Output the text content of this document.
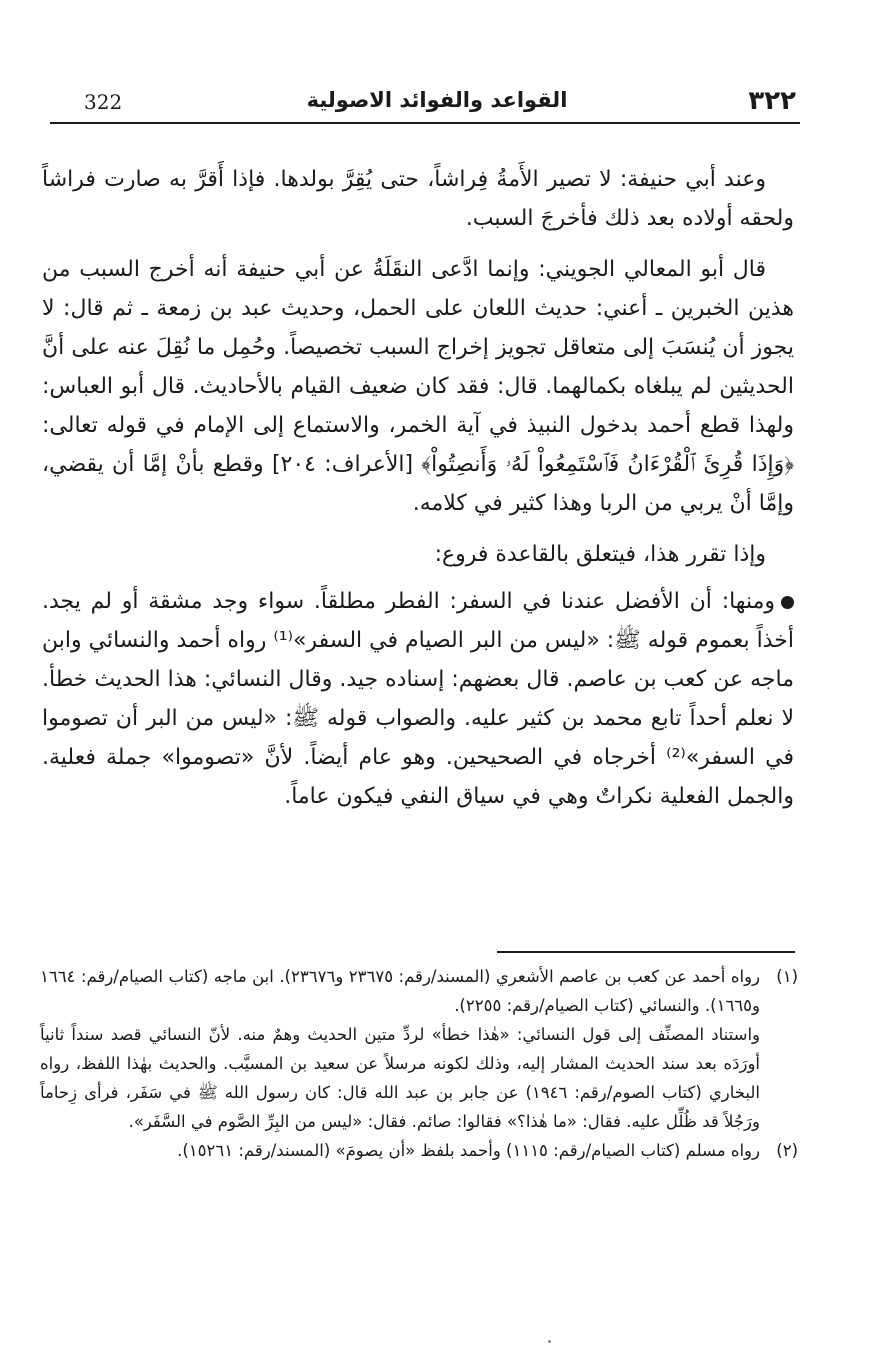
٣٢٢
القواعد والفوائد الاصولية
322

وعند أبي حنيفة: لا تصير الأَمةُ فِراشاً، حتى يُقِرَّ بولدها. فإذا أَقرَّ به صارت فراشاً ولحقه أولاده بعد ذلك فأخرجَ السبب.

قال أبو المعالي الجويني: وإنما ادَّعى النقَلَةُ عن أبي حنيفة أنه أخرج السبب من هذين الخبرين ـ أعني: حديث اللعان على الحمل، وحديث عبد بن زمعة ـ ثم قال: لا يجوز أن يُنسَبَ إلى متعاقل تجويز إخراج السبب تخصيصاً. وحُمِل ما نُقِلَ عنه على أنَّ الحديثين لم يبلغاه بكمالهما. قال: فقد كان ضعيف القيام بالأحاديث. قال أبو العباس: ولهذا قطع أحمد بدخول النبيذ في آية الخمر، والاستماع إلى الإمام في قوله تعالى: ﴿وَإِذَا قُرِئَ ٱلْقُرْءَانُ فَٱسْتَمِعُواْ لَهُۥ وَأَنصِتُواْ﴾ [الأعراف: ٢٠٤] وقطع بأنْ إمَّا أن يقضي، وإمَّا أنْ يربي من الربا وهذا كثير في كلامه.

وإذا تقرر هذا، فيتعلق بالقاعدة فروع:

ومنها: أن الأفضل عندنا في السفر: الفطر مطلقاً. سواء وجد مشقة أو لم يجد. أخذاً بعموم قوله ﷺ: «ليس من البر الصيام في السفر»⁽¹⁾ رواه أحمد والنسائي وابن ماجه عن كعب بن عاصم. قال بعضهم: إسناده جيد. وقال النسائي: هذا الحديث خطأ. لا نعلم أحداً تابع محمد بن كثير عليه. والصواب قوله ﷺ: «ليس من البر أن تصوموا في السفر»⁽²⁾ أخرجاه في الصحيحين. وهو عام أيضاً. لأنَّ «تصوموا» جملة فعلية. والجمل الفعلية نكراتٌ وهي في سياق النفي فيكون عاماً.

(١)
رواه أحمد عن كعب بن عاصم الأشعري (المسند/رقم: ٢٣٦٧٥ و٢٣٦٧٦). ابن ماجه (كتاب الصيام/رقم: ١٦٦٤ و١٦٦٥). والنسائي (كتاب الصيام/رقم: ٢٢٥٥).
واستناد المصنِّف إلى قول النسائي: «هٰذا خطأ» لردِّ متين الحديث وهمٌ منه. لأنّ النسائي قصد سنداً ثانياً أورَدَه بعد سند الحديث المشار إليه، وذلك لكونه مرسلاً عن سعيد بن المسيَّب. والحديث بهٰذا اللفظ، رواه البخاري (كتاب الصوم/رقم: ١٩٤٦) عن جابر بن عبد الله قال: كان رسول الله ﷺ في سَفَر، فرأى زِحاماً ورَجُلاً قد ظُلِّل عليه. فقال: «ما هٰذا؟» فقالوا: صائم. فقال: «ليس من البِرِّ الصَّوم في السَّفَر».
(٢)
رواه مسلم (كتاب الصيام/رقم: ١١١٥) وأحمد بلفظ «أن يصومَ» (المسند/رقم: ١٥٢٦١).
